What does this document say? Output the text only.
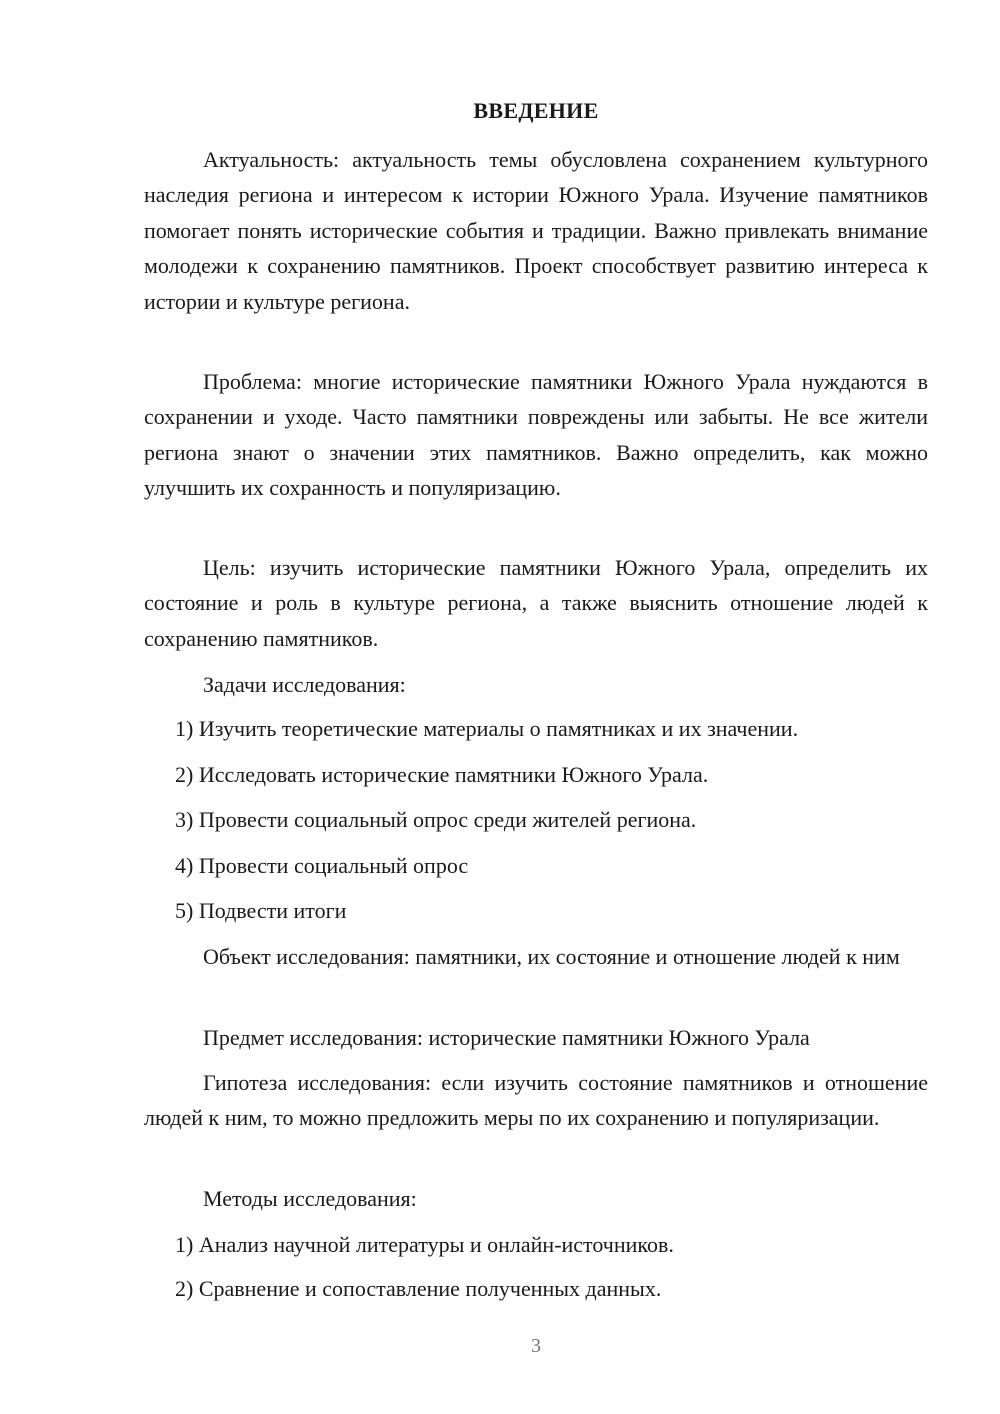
ВВЕДЕНИЕ

Актуальность: актуальность темы обусловлена сохранением культурного наследия региона и интересом к истории Южного Урала. Изучение памятников помогает понять исторические события и традиции. Важно привлекать внимание молодежи к сохранению памятников. Проект способствует развитию интереса к истории и культуре региона.

Проблема: многие исторические памятники Южного Урала нуждаются в сохранении и уходе. Часто памятники повреждены или забыты. Не все жители региона знают о значении этих памятников. Важно определить, как можно улучшить их сохранность и популяризацию.

Цель: изучить исторические памятники Южного Урала, определить их состояние и роль в культуре региона, а также выяснить отношение людей к сохранению памятников.

Задачи исследования:

1) Изучить теоретические материалы о памятниках и их значении.

2) Исследовать исторические памятники Южного Урала.

3) Провести социальный опрос среди жителей региона.

4) Провести социальный опрос

5) Подвести итоги

Объект исследования: памятники, их состояние и отношение людей к ним

Предмет исследования: исторические памятники Южного Урала

Гипотеза исследования: если изучить состояние памятников и отношение людей к ним, то можно предложить меры по их сохранению и популяризации.

Методы исследования:

1) Анализ научной литературы и онлайн-источников.

2) Сравнение и сопоставление полученных данных.

3
